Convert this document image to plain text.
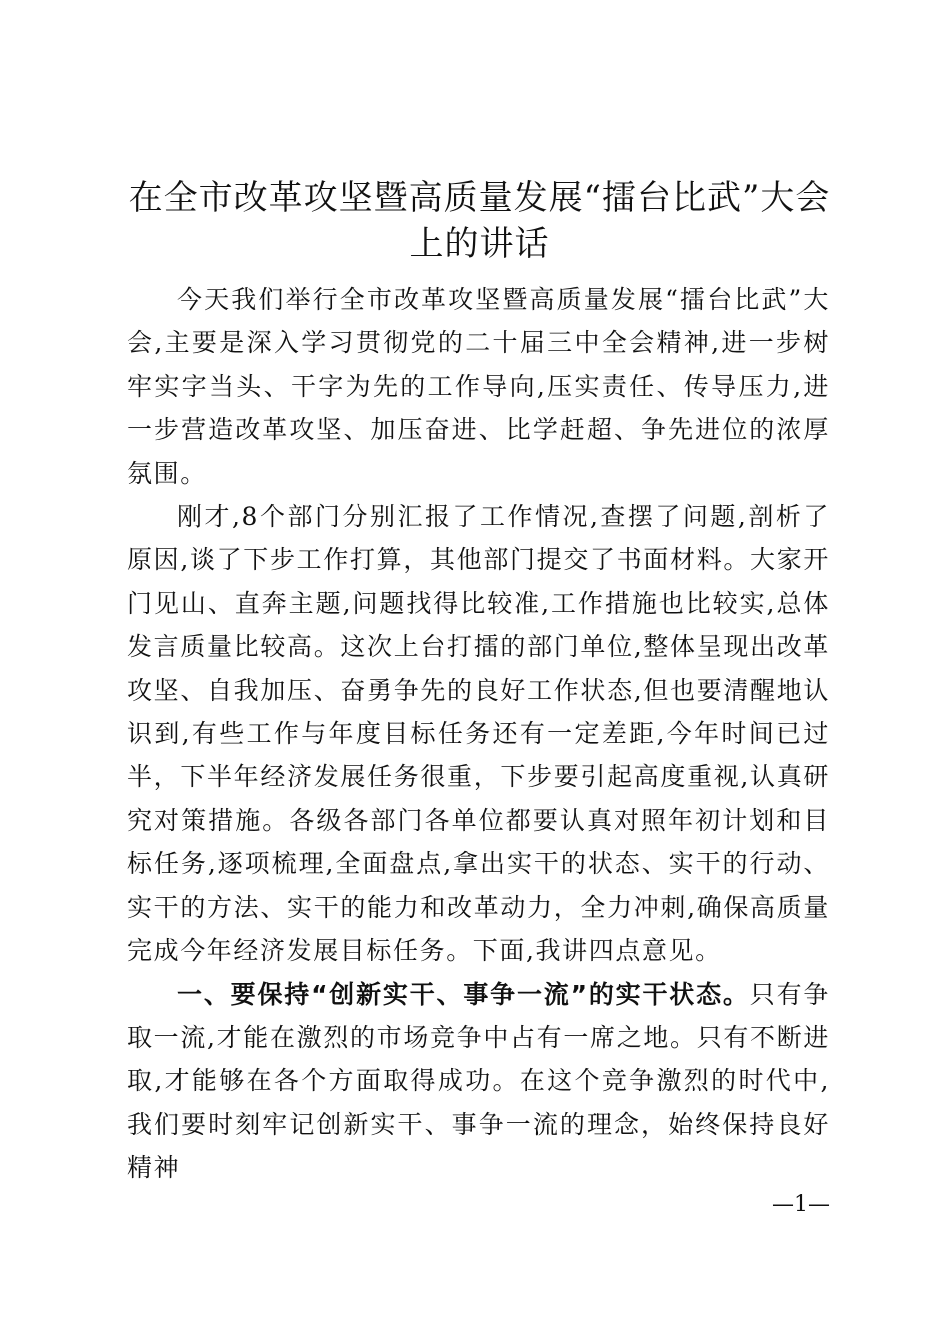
在全市改革攻坚暨高质量发展“擂台比武”大会上的讲话

今天我们举行全市改革攻坚暨高质量发展“擂台比武”大会,主要是深入学习贯彻党的二十届三中全会精神,进一步树牢实字当头、干字为先的工作导向,压实责任、传导压力,进一步营造改革攻坚、加压奋进、比学赶超、争先进位的浓厚氛围。

刚才,8个部门分别汇报了工作情况,查摆了问题,剖析了原因,谈了下步工作打算，其他部门提交了书面材料。大家开门见山、直奔主题,问题找得比较准,工作措施也比较实,总体发言质量比较高。这次上台打擂的部门单位,整体呈现出改革攻坚、自我加压、奋勇争先的良好工作状态,但也要清醒地认识到,有些工作与年度目标任务还有一定差距,今年时间已过半，下半年经济发展任务很重，下步要引起高度重视,认真研究对策措施。各级各部门各单位都要认真对照年初计划和目标任务,逐项梳理,全面盘点,拿出实干的状态、实干的行动、实干的方法、实干的能力和改革动力，全力冲刺,确保高质量完成今年经济发展目标任务。下面,我讲四点意见。

一、要保持“创新实干、事争一流”的实干状态。只有争取一流,才能在激烈的市场竞争中占有一席之地。只有不断进取,才能够在各个方面取得成功。在这个竞争激烈的时代中,我们要时刻牢记创新实干、事争一流的理念，始终保持良好精神

—1—
